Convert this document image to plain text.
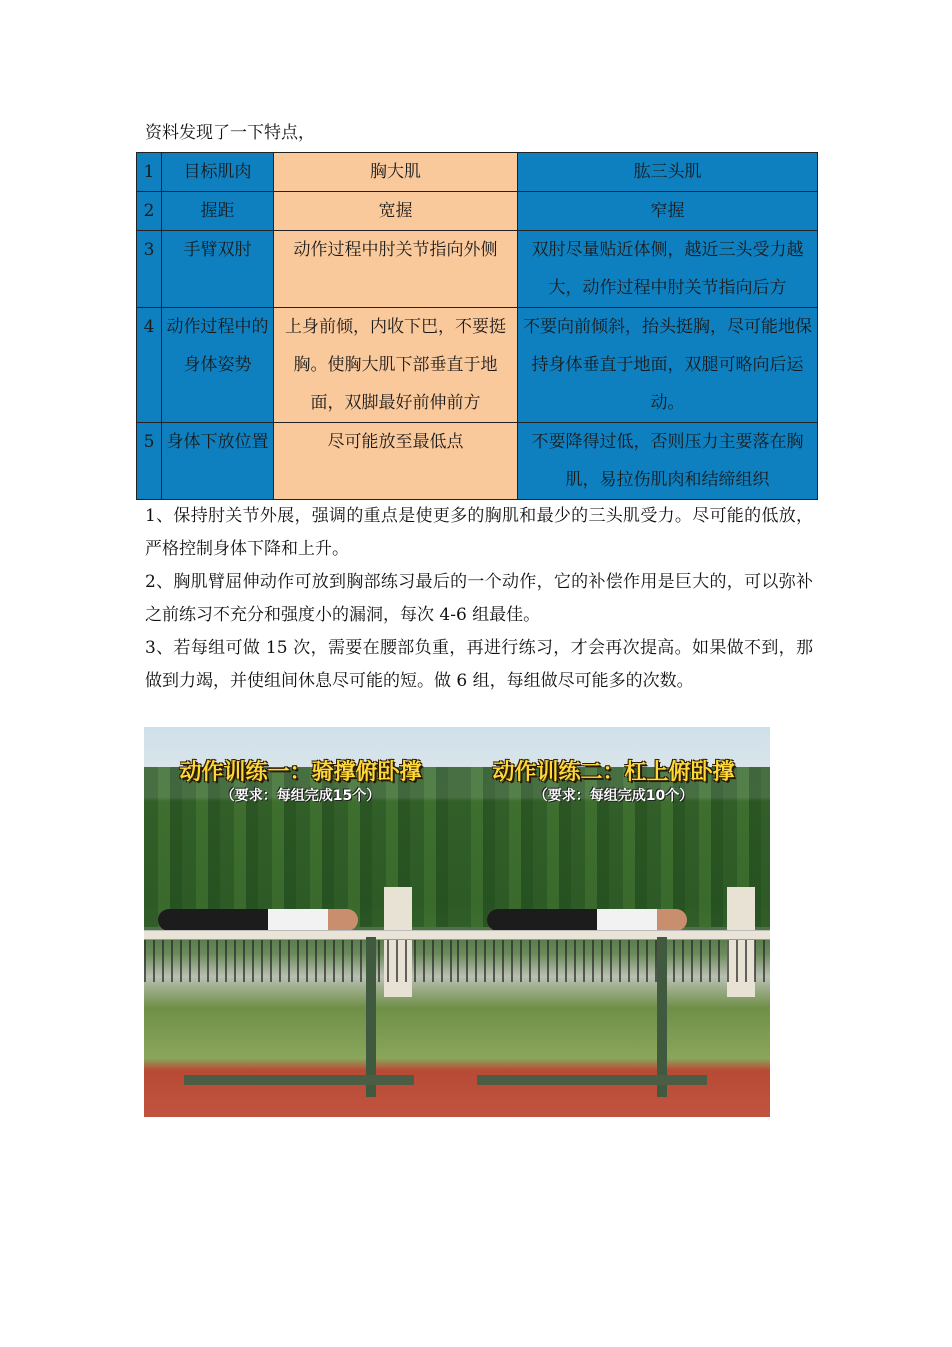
资料发现了一下特点，
1	目标肌肉	胸大肌	肱三头肌
2	握距	宽握	窄握
3	手臂双肘	动作过程中肘关节指向外侧	双肘尽量贴近体侧，越近三头受力越大，动作过程中肘关节指向后方
4	动作过程中的身体姿势	上身前倾，内收下巴，不要挺胸。使胸大肌下部垂直于地面，双脚最好前伸前方	不要向前倾斜，抬头挺胸，尽可能地保持身体垂直于地面，双腿可略向后运动。
5	身体下放位置	尽可能放至最低点	不要降得过低，否则压力主要落在胸肌，易拉伤肌肉和结缔组织

1、保持肘关节外展，强调的重点是使更多的胸肌和最少的三头肌受力。尽可能的低放，严格控制身体下降和上升。

2、胸肌臂屈伸动作可放到胸部练习最后的一个动作，它的补偿作用是巨大的，可以弥补之前练习不充分和强度小的漏洞，每次 4-6 组最佳。

3、若每组可做 15 次，需要在腰部负重，再进行练习，才会再次提高。如果做不到，那做到力竭，并使组间休息尽可能的短。做 6 组，每组做尽可能多的次数。

动作训练一：骑撑俯卧撑
（要求：每组完成15个）
动作训练二：杠上俯卧撑
（要求：每组完成10个）
